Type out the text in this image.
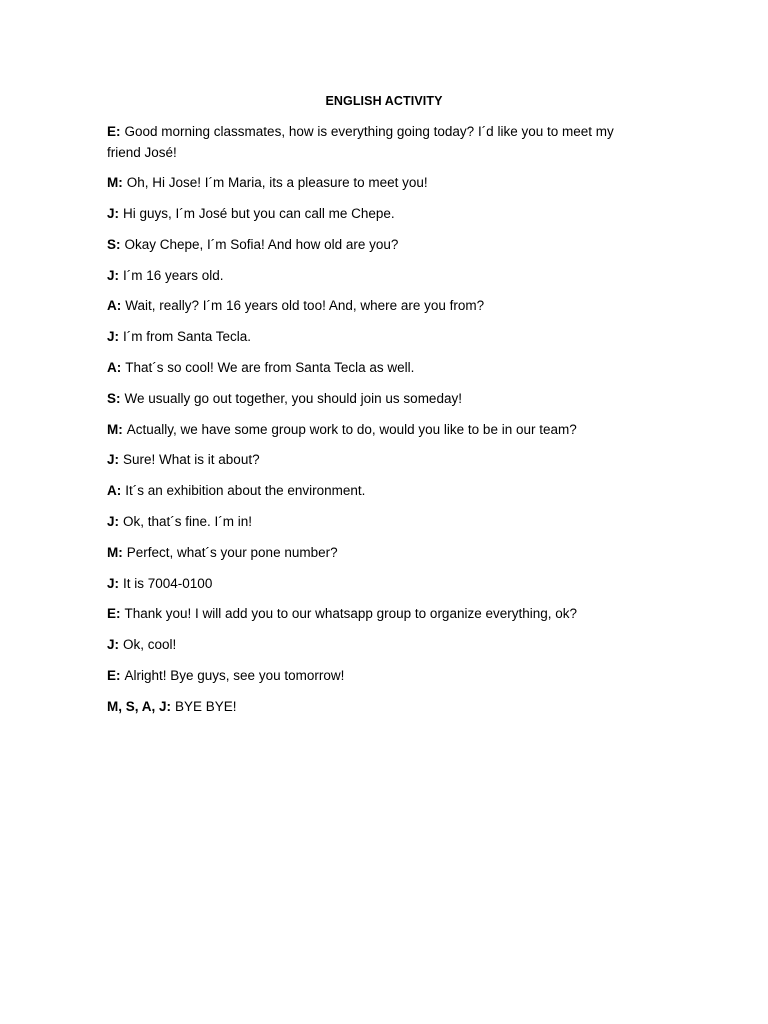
ENGLISH ACTIVITY

E: Good morning classmates, how is everything going today? I´d like you to meet my friend José!

M: Oh, Hi Jose! I´m Maria, its a pleasure to meet you!

J: Hi guys, I´m José but you can call me Chepe.

S: Okay Chepe, I´m Sofia! And how old are you?

J: I´m 16 years old.

A: Wait, really? I´m 16 years old too! And, where are you from?

J: I´m from Santa Tecla.

A: That´s so cool! We are from Santa Tecla as well.

S: We usually go out together, you should join us someday!

M: Actually, we have some group work to do, would you like to be in our team?

J: Sure! What is it about?

A: It´s an exhibition about the environment.

J: Ok, that´s fine. I´m in!

M: Perfect, what´s your pone number?

J: It is 7004-0100

E: Thank you! I will add you to our whatsapp group to organize everything, ok?

J: Ok, cool!

E: Alright! Bye guys, see you tomorrow!

M, S, A, J: BYE BYE!
